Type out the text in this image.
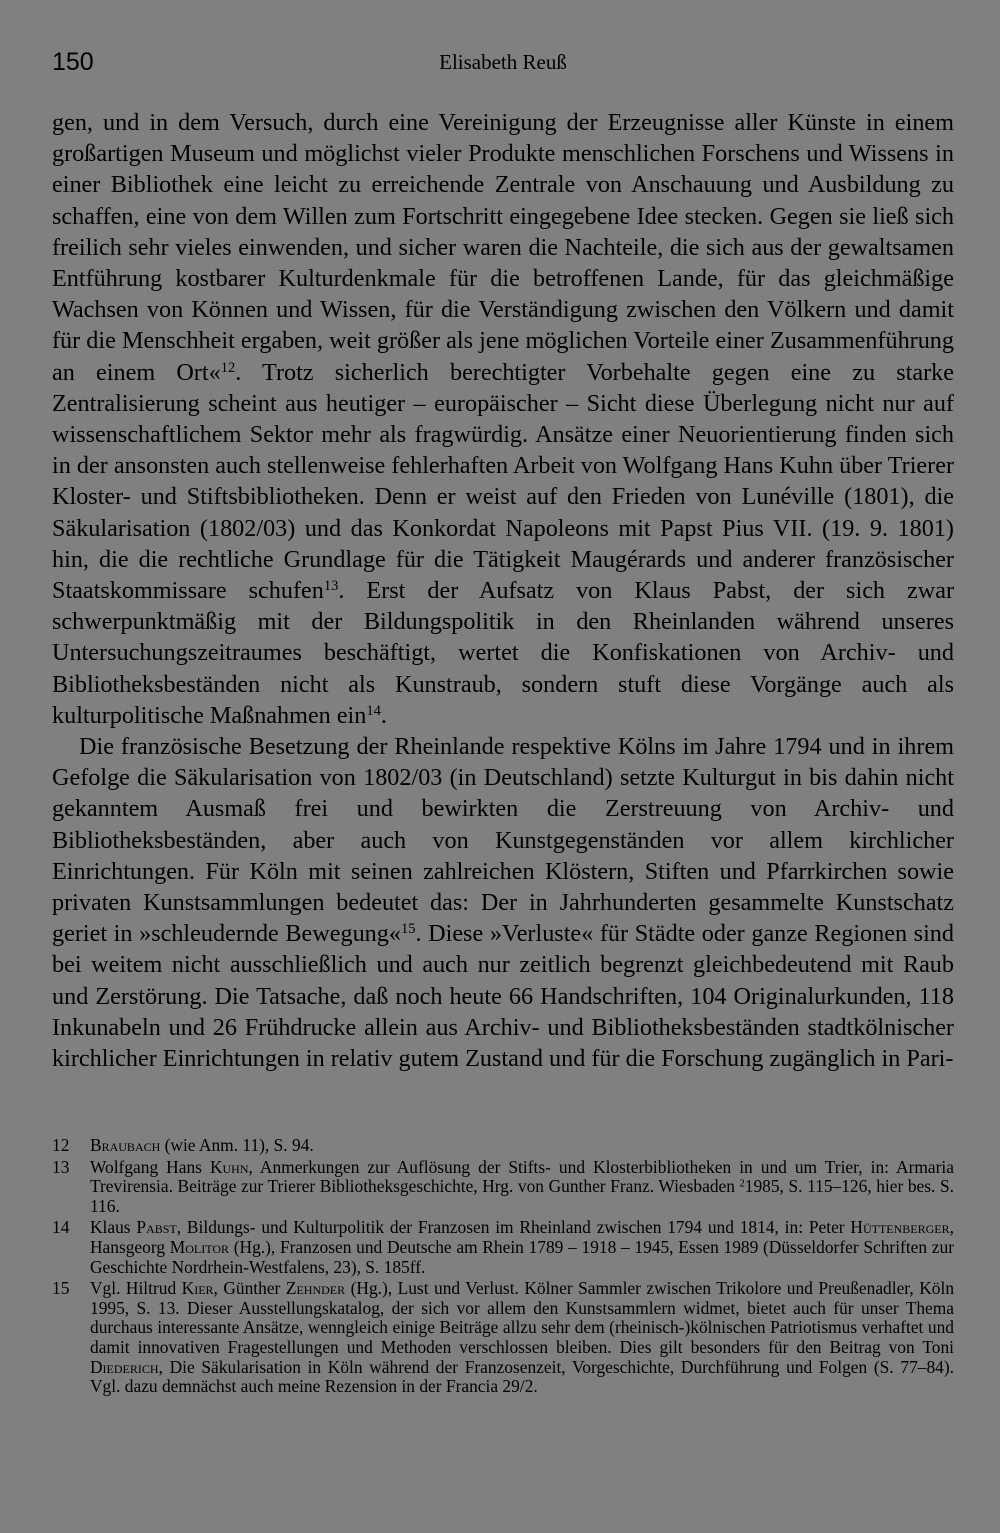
150	Elisabeth Reuß

gen, und in dem Versuch, durch eine Vereinigung der Erzeugnisse aller Künste in einem großartigen Museum und möglichst vieler Produkte menschlichen Forschens und Wissens in einer Bibliothek eine leicht zu erreichende Zentrale von Anschauung und Ausbildung zu schaffen, eine von dem Willen zum Fortschritt eingegebene Idee stecken. Gegen sie ließ sich freilich sehr vieles einwenden, und sicher waren die Nachteile, die sich aus der gewaltsamen Entführung kostbarer Kulturdenkmale für die betroffenen Lande, für das gleichmäßige Wachsen von Können und Wissen, für die Verständigung zwischen den Völkern und damit für die Menschheit ergaben, weit größer als jene möglichen Vorteile einer Zusammenführung an einem Ort«$^{12}$. Trotz sicherlich berechtigter Vorbehalte gegen eine zu starke Zentralisierung scheint aus heutiger – europäischer – Sicht diese Überlegung nicht nur auf wissenschaftlichem Sektor mehr als fragwürdig. Ansätze einer Neuorientierung finden sich in der ansonsten auch stellenweise fehlerhaften Arbeit von Wolfgang Hans Kuhn über Trierer Kloster- und Stiftsbibliotheken. Denn er weist auf den Frieden von Lunéville (1801), die Säkularisation (1802/03) und das Konkordat Napoleons mit Papst Pius VII. (19. 9. 1801) hin, die die rechtliche Grundlage für die Tätigkeit Maugérards und anderer französischer Staatskommissare schufen$^{13}$. Erst der Aufsatz von Klaus Pabst, der sich zwar schwerpunktmäßig mit der Bildungspolitik in den Rheinlanden während unseres Untersuchungszeitraumes beschäftigt, wertet die Konfiskationen von Archiv- und Bibliotheksbeständen nicht als Kunstraub, sondern stuft diese Vorgänge auch als kulturpolitische Maßnahmen ein$^{14}$.

Die französische Besetzung der Rheinlande respektive Kölns im Jahre 1794 und in ihrem Gefolge die Säkularisation von 1802/03 (in Deutschland) setzte Kulturgut in bis dahin nicht gekanntem Ausmaß frei und bewirkten die Zerstreuung von Archiv- und Bibliotheksbeständen, aber auch von Kunstgegenständen vor allem kirchlicher Einrichtungen. Für Köln mit seinen zahlreichen Klöstern, Stiften und Pfarrkirchen sowie privaten Kunstsammlungen bedeutet das: Der in Jahrhunderten gesammelte Kunstschatz geriet in »schleudernde Bewegung«$^{15}$. Diese »Verluste« für Städte oder ganze Regionen sind bei weitem nicht ausschließlich und auch nur zeitlich begrenzt gleichbedeutend mit Raub und Zerstörung. Die Tatsache, daß noch heute 66 Handschriften, 104 Originalurkunden, 118 Inkunabeln und 26 Frühdrucke allein aus Archiv- und Bibliotheksbeständen stadtkölnischer kirchlicher Einrichtungen in relativ gutem Zustand und für die Forschung zugänglich in Pari-

12 Braubach (wie Anm. 11), S. 94.
13 Wolfgang Hans Kuhn, Anmerkungen zur Auflösung der Stifts- und Klosterbibliotheken in und um Trier, in: Armaria Trevirensia. Beiträge zur Trierer Bibliotheksgeschichte, Hrg. von Gunther Franz. Wiesbaden $^2$1985, S. 115–126, hier bes. S. 116.
14 Klaus Pabst, Bildungs- und Kulturpolitik der Franzosen im Rheinland zwischen 1794 und 1814, in: Peter Hüttenberger, Hansgeorg Molitor (Hg.), Franzosen und Deutsche am Rhein 1789 – 1918 – 1945, Essen 1989 (Düsseldorfer Schriften zur Geschichte Nordrhein-Westfalens, 23), S. 185ff.
15 Vgl. Hiltrud Kier, Günther Zehnder (Hg.), Lust und Verlust. Kölner Sammler zwischen Trikolore und Preußenadler, Köln 1995, S. 13. Dieser Ausstellungskatalog, der sich vor allem den Kunstsammlern widmet, bietet auch für unser Thema durchaus interessante Ansätze, wenngleich einige Beiträge allzu sehr dem (rheinisch-)kölnischen Patriotismus verhaftet und damit innovativen Fragestellungen und Methoden verschlossen bleiben. Dies gilt besonders für den Beitrag von Toni Diederich, Die Säkularisation in Köln während der Franzosenzeit, Vorgeschichte, Durchführung und Folgen (S. 77–84). Vgl. dazu demnächst auch meine Rezension in der Francia 29/2.
